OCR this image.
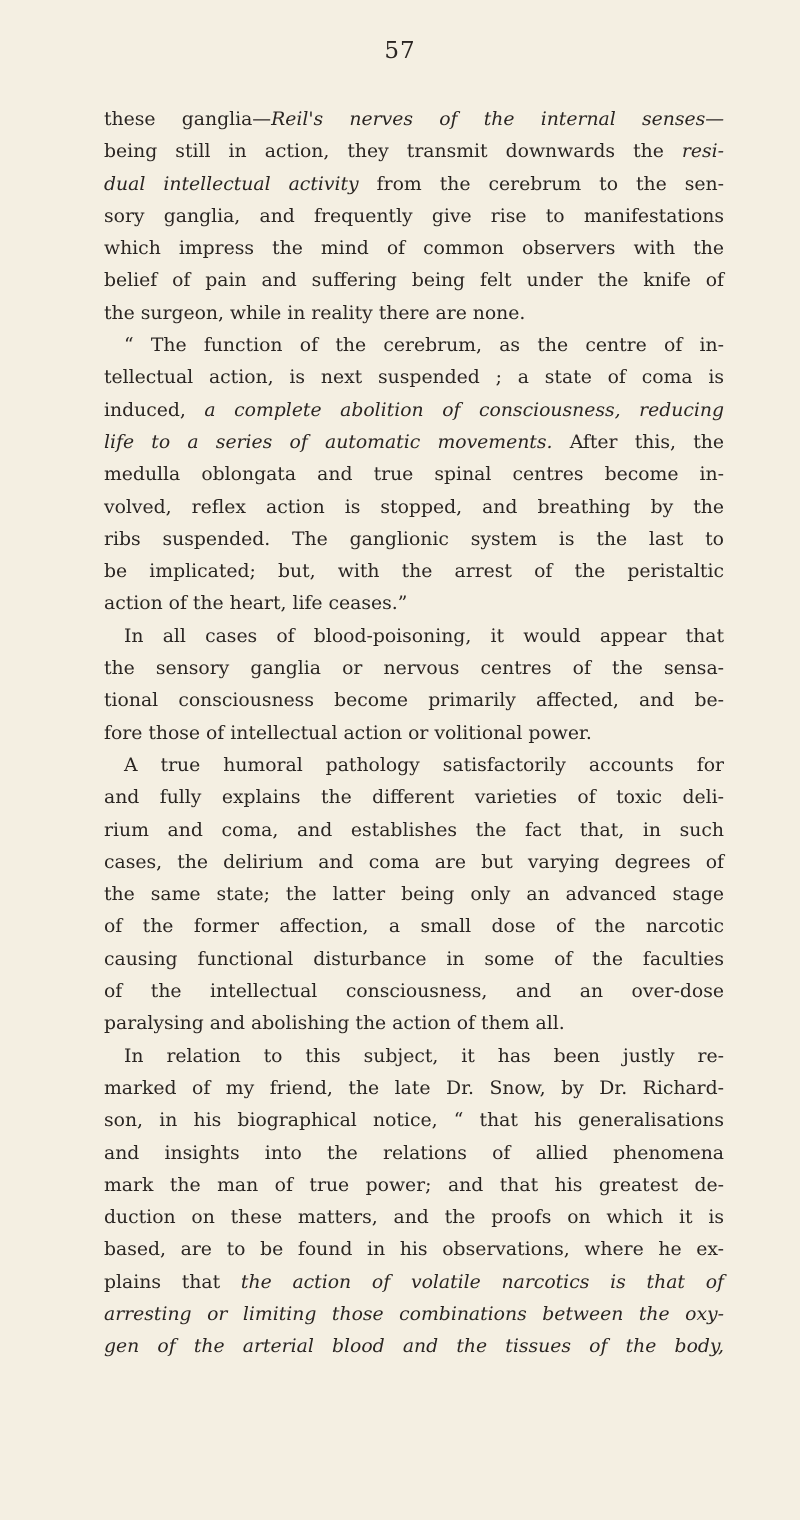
57
these ganglia—Reil's nerves of the internal senses—
being still in action, they transmit downwards the resi-
dual intellectual activity from the cerebrum to the sen-
sory ganglia, and frequently give rise to manifestations
which impress the mind of common observers with the
belief of pain and suffering being felt under the knife of
the surgeon, while in reality there are none.
“ The function of the cerebrum, as the centre of in-
tellectual action, is next suspended ; a state of coma is
induced, a complete abolition of consciousness, reducing
life to a series of automatic movements. After this, the
medulla oblongata and true spinal centres become in-
volved, reflex action is stopped, and breathing by the
ribs suspended. The ganglionic system is the last to
be implicated; but, with the arrest of the peristaltic
action of the heart, life ceases.”
In all cases of blood-poisoning, it would appear that
the sensory ganglia or nervous centres of the sensa-
tional consciousness become primarily affected, and be-
fore those of intellectual action or volitional power.
A true humoral pathology satisfactorily accounts for
and fully explains the different varieties of toxic deli-
rium and coma, and establishes the fact that, in such
cases, the delirium and coma are but varying degrees of
the same state; the latter being only an advanced stage
of the former affection, a small dose of the narcotic
causing functional disturbance in some of the faculties
of the intellectual consciousness, and an over-dose
paralysing and abolishing the action of them all.
In relation to this subject, it has been justly re-
marked of my friend, the late Dr. Snow, by Dr. Richard-
son, in his biographical notice, “ that his generalisations
and insights into the relations of allied phenomena
mark the man of true power; and that his greatest de-
duction on these matters, and the proofs on which it is
based, are to be found in his observations, where he ex-
plains that the action of volatile narcotics is that of
arresting or limiting those combinations between the oxy-
gen of the arterial blood and the tissues of the body,
